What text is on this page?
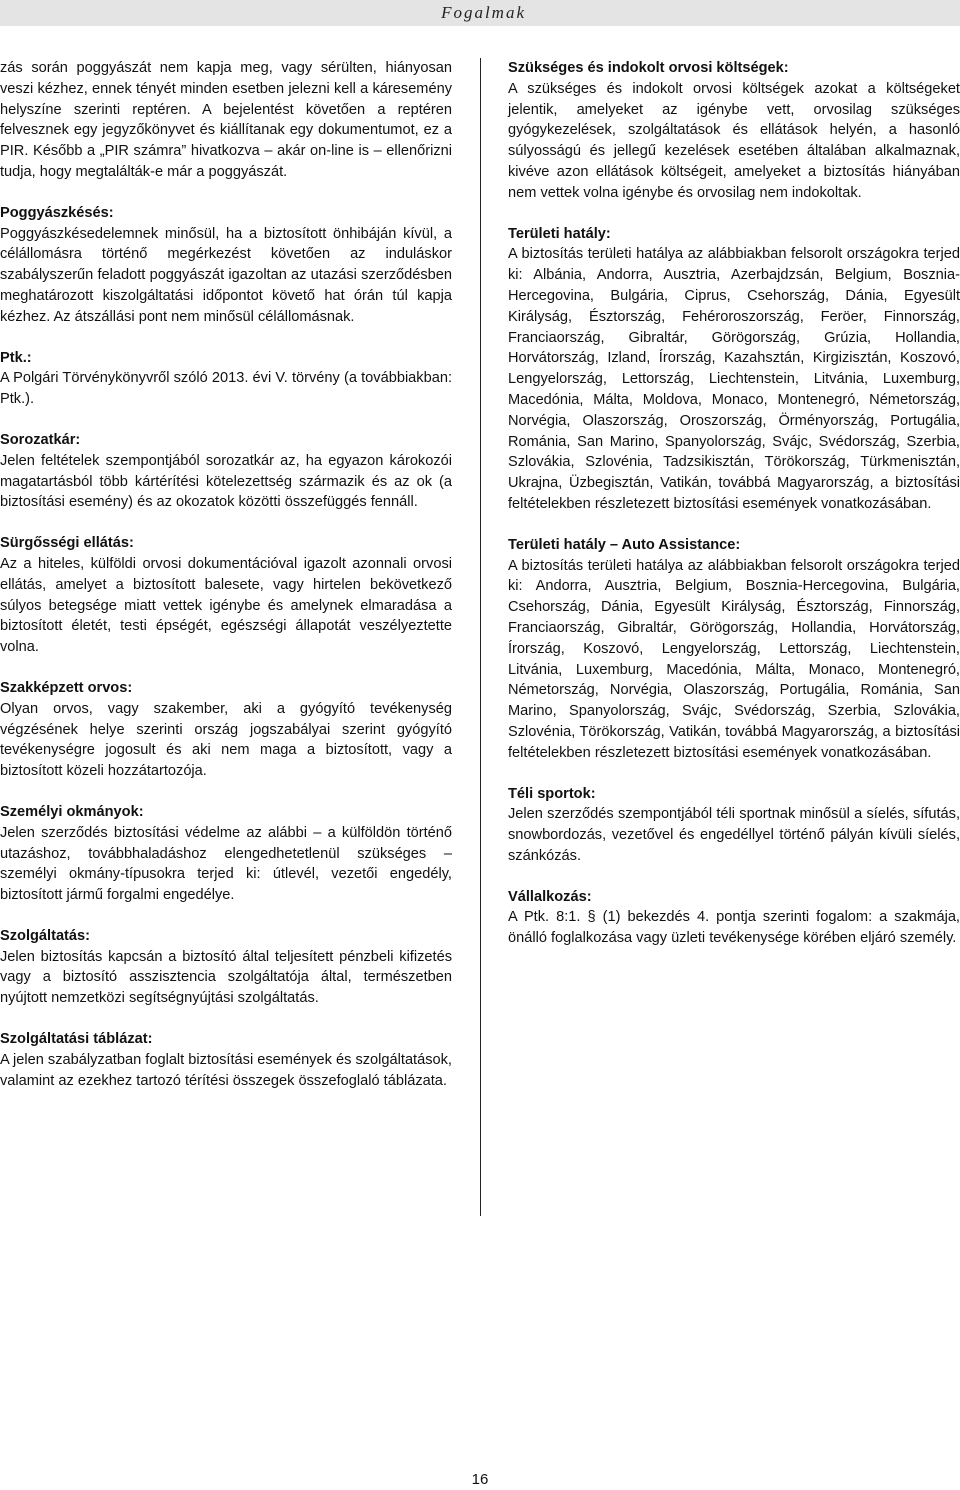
Fogalmak

zás során poggyászát nem kapja meg, vagy sérülten, hiányosan veszi kézhez, ennek tényét minden esetben jelezni kell a káresemény helyszíne szerinti reptéren. A bejelentést követően a reptéren felvesznek egy jegyzőkönyvet és kiállítanak egy dokumentumot, ez a PIR. Később a „PIR számra” hivatkozva – akár on-line is – ellenőrizni tudja, hogy megtalálták-e már a poggyászát.

Poggyászkésés:

Poggyászkésedelemnek minősül, ha a biztosított önhibáján kívül, a célállomásra történő megérkezést követően az induláskor szabályszerűn feladott poggyászát igazoltan az utazási szerződésben meghatározott kiszolgáltatási időpontot követő hat órán túl kapja kézhez. Az átszállási pont nem minősül célállomásnak.

Ptk.:

A Polgári Törvénykönyvről szóló 2013. évi V. törvény (a továbbiakban: Ptk.).

Sorozatkár:

Jelen feltételek szempontjából sorozatkár az, ha egyazon károkozói magatartásból több kártérítési kötelezettség származik és az ok (a biztosítási esemény) és az okozatok közötti összefüggés fennáll.

Sürgősségi ellátás:

Az a hiteles, külföldi orvosi dokumentációval igazolt azonnali orvosi ellátás, amelyet a biztosított balesete, vagy hirtelen bekövetkező súlyos betegsége miatt vettek igénybe és amelynek elmaradása a biztosított életét, testi épségét, egészségi állapotát veszélyeztette volna.

Szakképzett orvos:

Olyan orvos, vagy szakember, aki a gyógyító tevékenység végzésének helye szerinti ország jogszabályai szerint gyógyító tevékenységre jogosult és aki nem maga a biztosított, vagy a biztosított közeli hozzátartozója.

Személyi okmányok:

Jelen szerződés biztosítási védelme az alábbi – a külföldön történő utazáshoz, továbbhaladáshoz elengedhetetlenül szükséges – személyi okmány-típusokra terjed ki: útlevél, vezetői engedély, biztosított jármű forgalmi engedélye.

Szolgáltatás:

Jelen biztosítás kapcsán a biztosító által teljesített pénzbeli kifizetés vagy a biztosító asszisztencia szolgáltatója által, természetben nyújtott nemzetközi segítségnyújtási szolgáltatás.

Szolgáltatási táblázat:

A jelen szabályzatban foglalt biztosítási események és szolgáltatások, valamint az ezekhez tartozó térítési összegek összefoglaló táblázata.

Szükséges és indokolt orvosi költségek:

A szükséges és indokolt orvosi költségek azokat a költségeket jelentik, amelyeket az igénybe vett, orvosilag szükséges gyógykezelések, szolgáltatások és ellátások helyén, a hasonló súlyosságú és jellegű kezelések esetében általában alkalmaznak, kivéve azon ellátások költségeit, amelyeket a biztosítás hiányában nem vettek volna igénybe és orvosilag nem indokoltak.

Területi hatály:

A biztosítás területi hatálya az alábbiakban felsorolt országokra terjed ki: Albánia, Andorra, Ausztria, Azerbajdzsán, Belgium, Bosznia-Hercegovina, Bulgária, Ciprus, Csehország, Dánia, Egyesült Királyság, Észtország, Fehéroroszország, Feröer, Finnország, Franciaország, Gibraltár, Görögország, Grúzia, Hollandia, Horvátország, Izland, Írország, Kazahsztán, Kirgizisztán, Koszovó, Lengyelország, Lettország, Liechtenstein, Litvánia, Luxemburg, Macedónia, Málta, Moldova, Monaco, Montenegró, Németország, Norvégia, Olaszország, Oroszország, Örményország, Portugália, Románia, San Marino, Spanyolország, Svájc, Svédország, Szerbia, Szlovákia, Szlovénia, Tadzsikisztán, Törökország, Türkmenisztán, Ukrajna, Üzbegisztán, Vatikán, továbbá Magyarország, a biztosítási feltételekben részletezett biztosítási események vonatkozásában.

Területi hatály – Auto Assistance:

A biztosítás területi hatálya az alábbiakban felsorolt országokra terjed ki: Andorra, Ausztria, Belgium, Bosznia-Hercegovina, Bulgária, Csehország, Dánia, Egyesült Királyság, Észtország, Finnország, Franciaország, Gibraltár, Görögország, Hollandia, Horvátország, Írország, Koszovó, Lengyelország, Lettország, Liechtenstein, Litvánia, Luxemburg, Macedónia, Málta, Monaco, Montenegró, Németország, Norvégia, Olaszország, Portugália, Románia, San Marino, Spanyolország, Svájc, Svédország, Szerbia, Szlovákia, Szlovénia, Törökország, Vatikán, továbbá Magyarország, a biztosítási feltételekben részletezett biztosítási események vonatkozásában.

Téli sportok:

Jelen szerződés szempontjából téli sportnak minősül a síelés, sífutás, snowbordozás, vezetővel és engedéllyel történő pályán kívüli síelés, szánkózás.

Vállalkozás:

A Ptk. 8:1. § (1) bekezdés 4. pontja szerinti fogalom: a szakmája, önálló foglalkozása vagy üzleti tevékenysége körében eljáró személy.

16
